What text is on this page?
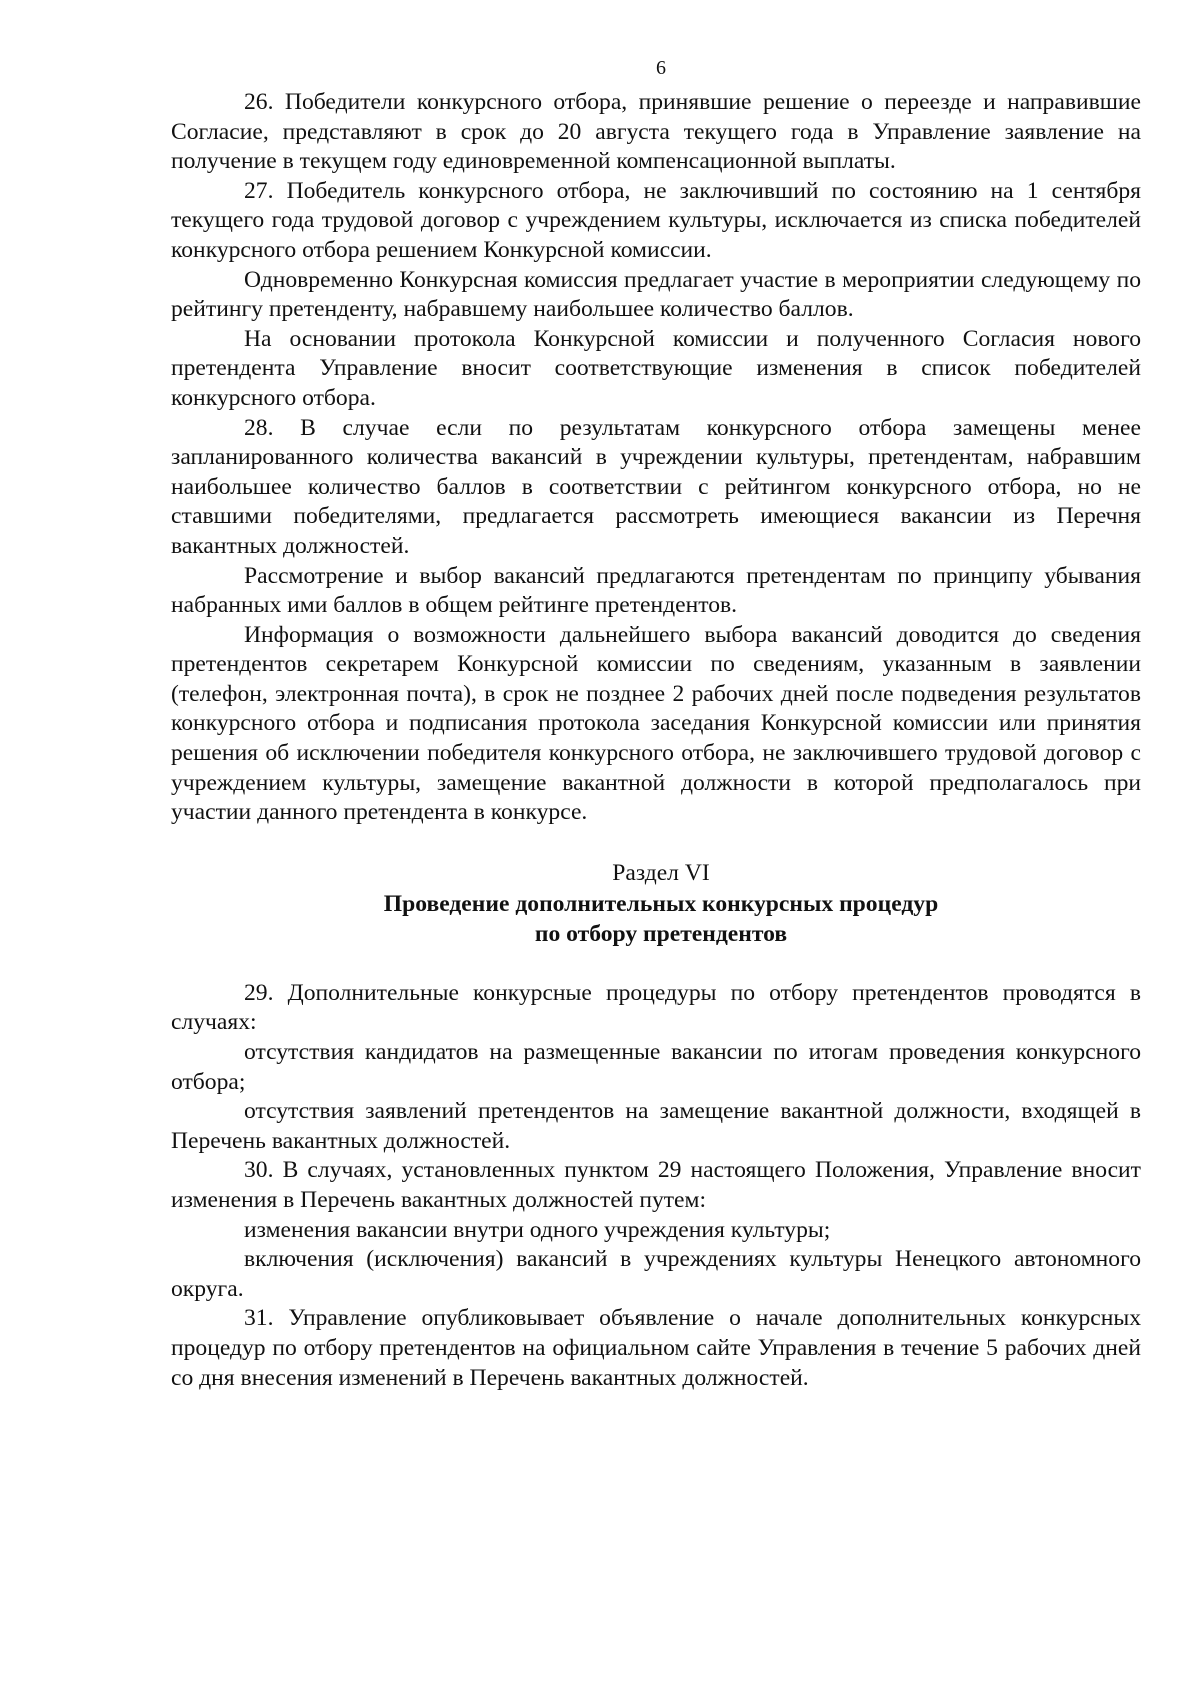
6

26. Победители конкурсного отбора, принявшие решение о переезде и направившие Согласие, представляют в срок до 20 августа текущего года в Управление заявление на получение в текущем году единовременной компенсационной выплаты.

27. Победитель конкурсного отбора, не заключивший по состоянию на 1 сентября текущего года трудовой договор с учреждением культуры, исключается из списка победителей конкурсного отбора решением Конкурсной комиссии.

Одновременно Конкурсная комиссия предлагает участие в мероприятии следующему по рейтингу претенденту, набравшему наибольшее количество баллов.

На основании протокола Конкурсной комиссии и полученного Согласия нового претендента Управление вносит соответствующие изменения в список победителей конкурсного отбора.

28. В случае если по результатам конкурсного отбора замещены менее запланированного количества вакансий в учреждении культуры, претендентам, набравшим наибольшее количество баллов в соответствии с рейтингом конкурсного отбора, но не ставшими победителями, предлагается рассмотреть имеющиеся вакансии из Перечня вакантных должностей.

Рассмотрение и выбор вакансий предлагаются претендентам по принципу убывания набранных ими баллов в общем рейтинге претендентов.

Информация о возможности дальнейшего выбора вакансий доводится до сведения претендентов секретарем Конкурсной комиссии по сведениям, указанным в заявлении (телефон, электронная почта), в срок не позднее 2 рабочих дней после подведения результатов конкурсного отбора и подписания протокола заседания Конкурсной комиссии или принятия решения об исключении победителя конкурсного отбора, не заключившего трудовой договор с учреждением культуры, замещение вакантной должности в которой предполагалось при участии данного претендента в конкурсе.

Раздел VI
Проведение дополнительных конкурсных процедур
по отбору претендентов

29. Дополнительные конкурсные процедуры по отбору претендентов проводятся в случаях:

отсутствия кандидатов на размещенные вакансии по итогам проведения конкурсного отбора;

отсутствия заявлений претендентов на замещение вакантной должности, входящей в Перечень вакантных должностей.

30. В случаях, установленных пунктом 29 настоящего Положения, Управление вносит изменения в Перечень вакантных должностей путем:

изменения вакансии внутри одного учреждения культуры;

включения (исключения) вакансий в учреждениях культуры Ненецкого автономного округа.

31. Управление опубликовывает объявление о начале дополнительных конкурсных процедур по отбору претендентов на официальном сайте Управления в течение 5 рабочих дней со дня внесения изменений в Перечень вакантных должностей.
